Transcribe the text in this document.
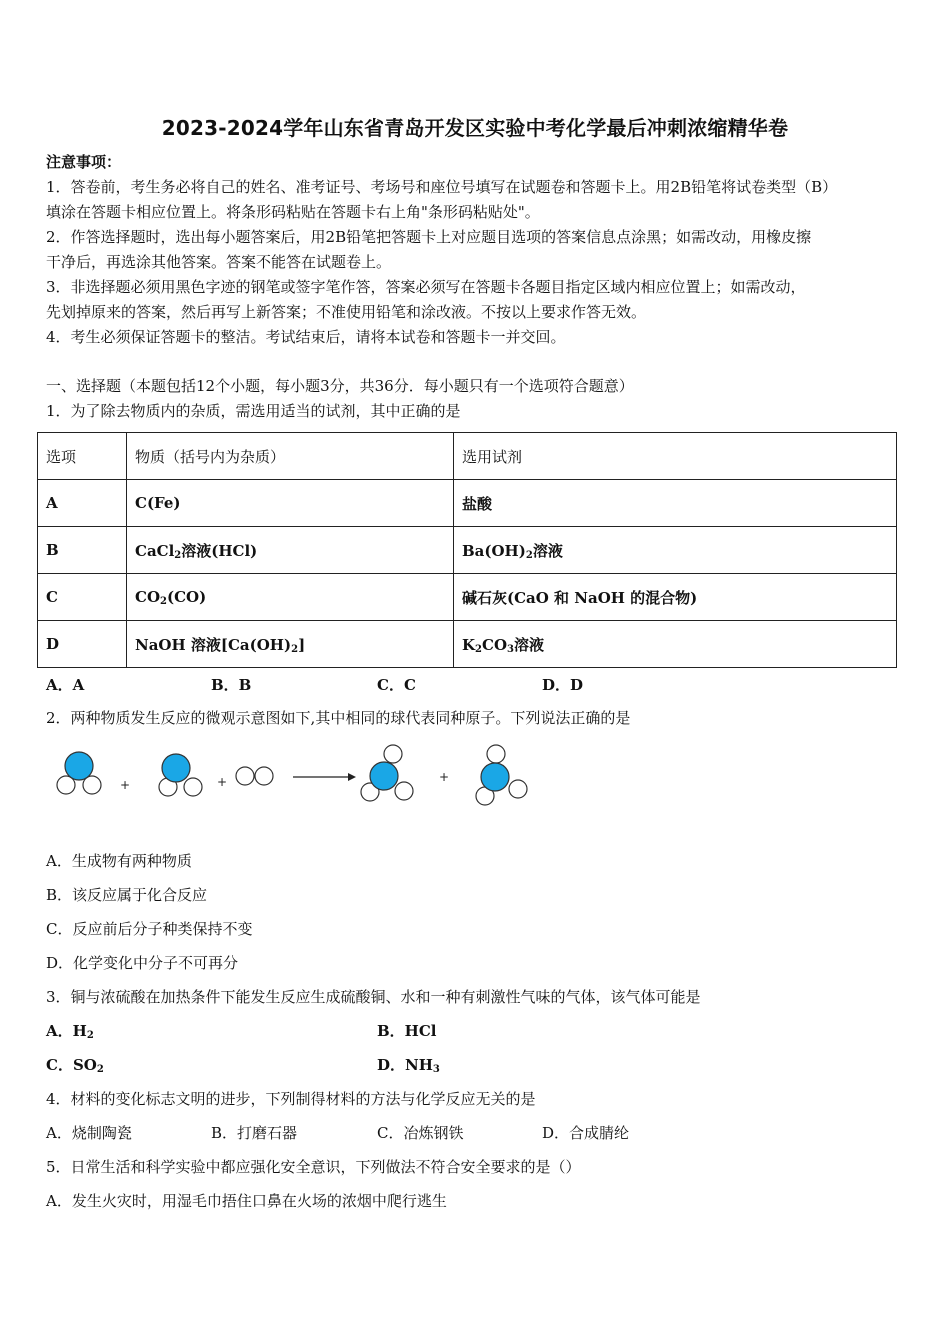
2023-2024学年山东省青岛开发区实验中考化学最后冲刺浓缩精华卷
注意事项：
1．答卷前，考生务必将自己的姓名、准考证号、考场号和座位号填写在试题卷和答题卡上。用2B铅笔将试卷类型（B）
填涂在答题卡相应位置上。将条形码粘贴在答题卡右上角"条形码粘贴处"。
2．作答选择题时，选出每小题答案后，用2B铅笔把答题卡上对应题目选项的答案信息点涂黑；如需改动，用橡皮擦
干净后，再选涂其他答案。答案不能答在试题卷上。
3．非选择题必须用黑色字迹的钢笔或签字笔作答，答案必须写在答题卡各题目指定区域内相应位置上；如需改动，
先划掉原来的答案，然后再写上新答案；不准使用铅笔和涂改液。不按以上要求作答无效。
4．考生必须保证答题卡的整洁。考试结束后，请将本试卷和答题卡一并交回。
一、选择题（本题包括12个小题，每小题3分，共36分．每小题只有一个选项符合题意）
1．为了除去物质内的杂质，需选用适当的试剂，其中正确的是
选项	物质（括号内为杂质）	选用试剂
A	C(Fe)	盐酸
B	CaCl$_2$溶液(HCl)	$Ba(OH)_2$溶液
C	$CO_2(CO)$	碱石灰(CaO 和 NaOH 的混合物)
D	NaOH 溶液$[Ca(OH)_2]$	$K_2CO_3$溶液
A．A	B．B	C．C	D．D
2．两种物质发生反应的微观示意图如下,其中相同的球代表同种原子。下列说法正确的是
+	+	+
A．生成物有两种物质
B．该反应属于化合反应
C．反应前后分子种类保持不变
D．化学变化中分子不可再分
3．铜与浓硫酸在加热条件下能发生反应生成硫酸铜、水和一种有刺激性气味的气体，该气体可能是
A．$H_2$	B．HCl
C．$SO_2$	D．$NH_3$
4．材料的变化标志文明的进步，下列制得材料的方法与化学反应无关的是
A．烧制陶瓷	B．打磨石器	C．冶炼钢铁	D．合成腈纶
5．日常生活和科学实验中都应强化安全意识，下列做法不符合安全要求的是（）
A．发生火灾时，用湿毛巾捂住口鼻在火场的浓烟中爬行逃生
